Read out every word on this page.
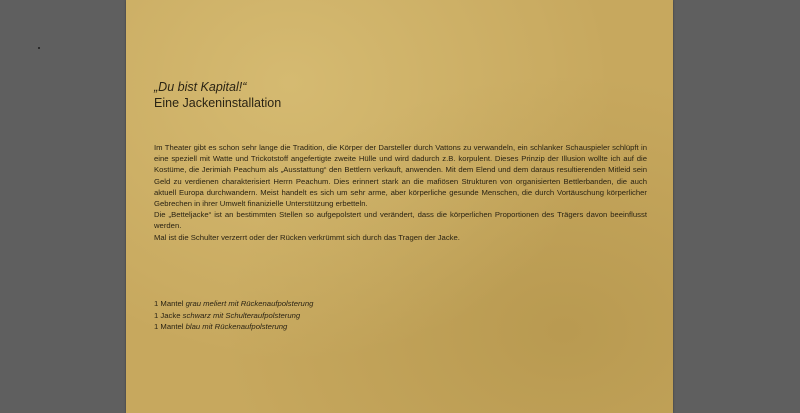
„Du bist Kapital!“

Eine Jackeninstallation

Im Theater gibt es schon sehr lange die Tradition, die Körper der Darsteller durch Vattons zu verwandeln, ein schlanker Schauspieler schlüpft in eine speziell mit Watte und Trickotstoff angefertigte zweite Hülle und wird dadurch z.B. korpulent. Dieses Prinzip der Illusion wollte ich auf die Kostüme, die Jerimiah Peachum als „Ausstattung“ den Bettlern verkauft, anwenden. Mit dem Elend und dem daraus resultierenden Mitleid sein Geld zu verdienen charakterisiert Herrn Peachum. Dies erinnert stark an die mafiösen Strukturen von organisierten Bettlerbanden, die auch aktuell Europa durchwandern. Meist handelt es sich um sehr arme, aber körperliche gesunde Menschen, die durch Vortäuschung körperlicher Gebrechen in ihrer Umwelt finanizielle Unterstützung erbetteln.

Die „Betteljacke“ ist an bestimmten Stellen so aufgepolstert und verändert, dass die körperlichen Proportionen des Trägers davon beeinflusst werden.

Mal ist die Schulter verzerrt oder der Rücken verkrümmt sich durch das Tragen der Jacke.

1 Mantel grau meliert mit Rückenaufpolsterung
1 Jacke schwarz mit Schulteraufpolsterung
1 Mantel blau mit Rückenaufpolsterung
